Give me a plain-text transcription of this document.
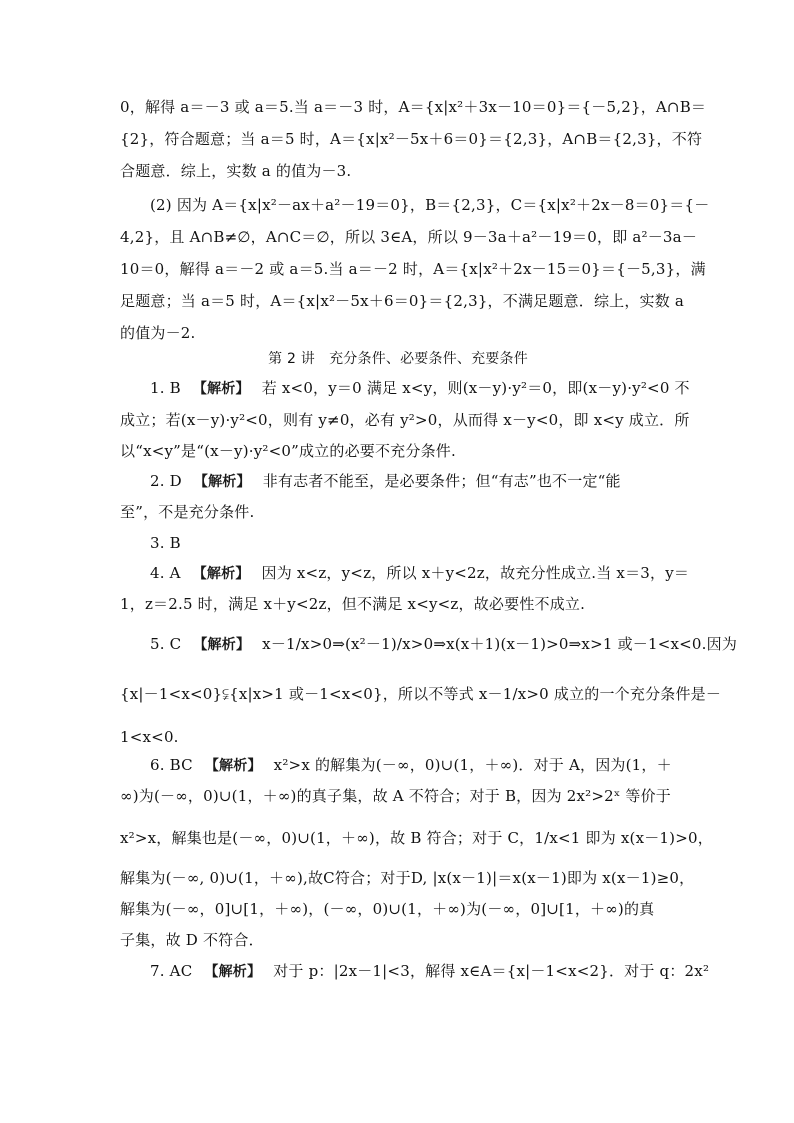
0，解得 a＝－3 或 a＝5.当 a＝－3 时，A＝{x|x²＋3x－10＝0}＝{－5,2}，A∩B＝
{2}，符合题意；当 a＝5 时，A＝{x|x²－5x＋6＝0}＝{2,3}，A∩B＝{2,3}，不符
合题意．综上，实数 a 的值为－3.
(2) 因为 A＝{x|x²－ax＋a²－19＝0}，B＝{2,3}，C＝{x|x²＋2x－8＝0}＝{－
4,2}，且 A∩B≠∅，A∩C＝∅，所以 3∈A，所以 9－3a＋a²－19＝0，即 a²－3a－
10＝0，解得 a＝－2 或 a＝5.当 a＝－2 时，A＝{x|x²＋2x－15＝0}＝{－5,3}，满
足题意；当 a＝5 时，A＝{x|x²－5x＋6＝0}＝{2,3}，不满足题意．综上，实数 a
的值为－2.
第 2 讲　充分条件、必要条件、充要条件
1. B 【解析】 若 x<0，y＝0 满足 x<y，则(x－y)·y²＝0，即(x－y)·y²<0 不
成立；若(x－y)·y²<0，则有 y≠0，必有 y²>0，从而得 x－y<0，即 x<y 成立．所
以“x<y”是“(x－y)·y²<0”成立的必要不充分条件.
2. D 【解析】 非有志者不能至，是必要条件；但“有志”也不一定“能
至”，不是充分条件.
3. B
4. A 【解析】 因为 x<z，y<z，所以 x＋y<2z，故充分性成立.当 x＝3，y＝
1，z＝2.5 时，满足 x＋y<2z，但不满足 x<y<z，故必要性不成立.
5. C 【解析】 x－1/x>0⇒(x²－1)/x>0⇒x(x＋1)(x－1)>0⇒x>1 或－1<x<0.因为
{x|－1<x<0}⫋{x|x>1 或－1<x<0}，所以不等式 x－1/x>0 成立的一个充分条件是－
1<x<0.
6. BC 【解析】 x²>x 的解集为(－∞，0)∪(1，＋∞)．对于 A，因为(1，＋
∞)为(－∞，0)∪(1，＋∞)的真子集，故 A 不符合；对于 B，因为 2x²>2ˣ 等价于
x²>x，解集也是(－∞，0)∪(1，＋∞)，故 B 符合；对于 C，1/x<1 即为 x(x－1)>0，
解集为(－∞, 0)∪(1，＋∞),故C符合；对于D, |x(x－1)|＝x(x－1)即为 x(x－1)≥0，
解集为(－∞，0]∪[1，＋∞)，(－∞，0)∪(1，＋∞)为(－∞，0]∪[1，＋∞)的真
子集，故 D 不符合．
7. AC 【解析】 对于 p：|2x－1|<3，解得 x∈A＝{x|－1<x<2}．对于 q：2x²
